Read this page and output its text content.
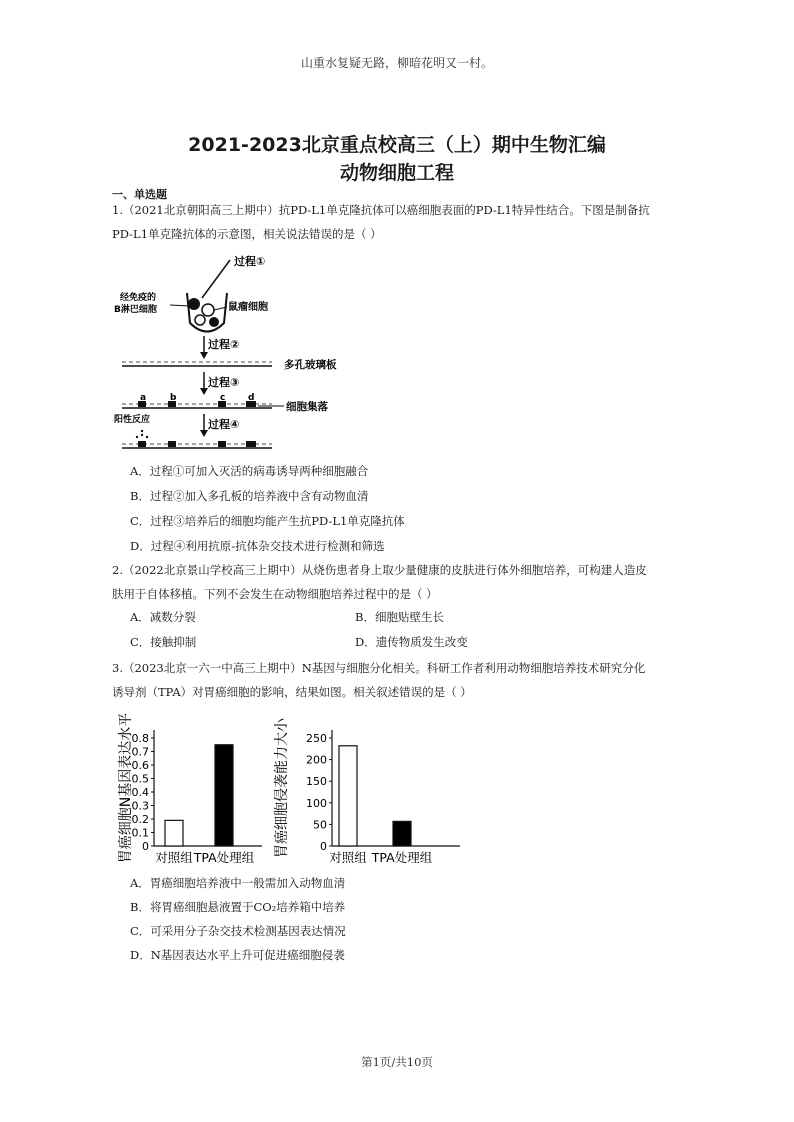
山重水复疑无路，柳暗花明又一村。
2021-2023北京重点校高三（上）期中生物汇编
动物细胞工程
一、单选题
1.（2021北京朝阳高三上期中）抗PD-L1单克隆抗体可以癌细胞表面的PD-L1特异性结合。下图是制备抗
PD-L1单克隆抗体的示意图，相关说法错误的是（ ）
过程①
经免疫的
B淋巴细胞	鼠瘤细胞
过程②
多孔玻璃板
过程③
a	b	c	d
细胞集落
过程④
阳性反应
A．过程①可加入灭活的病毒诱导两种细胞融合
B．过程②加入多孔板的培养液中含有动物血清
C．过程③培养后的细胞均能产生抗PD-L1单克隆抗体
D．过程④利用抗原-抗体杂交技术进行检测和筛选
2.（2022北京景山学校高三上期中）从烧伤患者身上取少量健康的皮肤进行体外细胞培养，可构建人造皮
肤用于自体移植。下列不会发生在动物细胞培养过程中的是（ ）
A．减数分裂	B．细胞贴壁生长
C．接触抑制	D．遗传物质发生改变
3.（2023北京一六一中高三上期中）N基因与细胞分化相关。科研工作者利用动物细胞培养技术研究分化
诱导剂（TPA）对胃癌细胞的影响，结果如图。相关叙述错误的是（ ）
胃癌细胞N基因表达水平 0
0.1
0.2
0.3
0.4
0.5
0.6
0.7
0.8
对照组 TPA处理组 胃癌细胞侵袭能力大小	0
50
100
150
200
250
对照组 TPA处理组
A．胃癌细胞培养液中一般需加入动物血清
B．将胃癌细胞悬液置于CO₂培养箱中培养
C．可采用分子杂交技术检测基因表达情况
D．N基因表达水平上升可促进癌细胞侵袭
第1页/共10页
